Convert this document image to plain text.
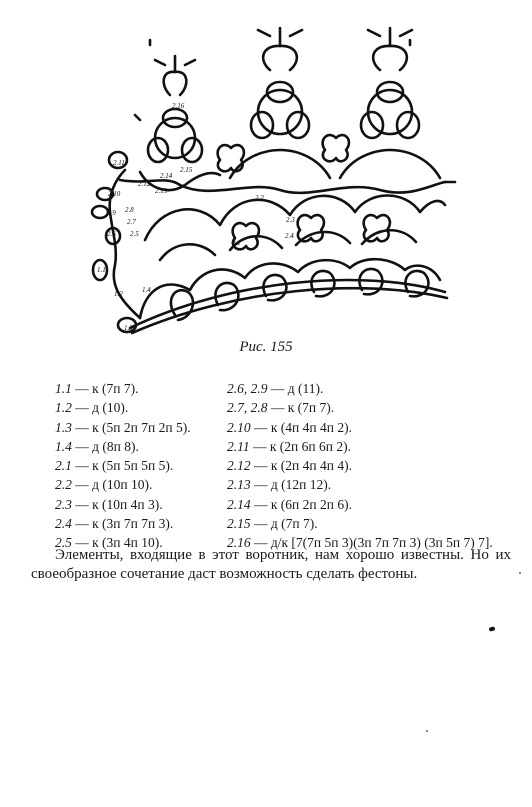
2.16
2.11
2.12
2.13
2.14
2.15
2.10
2.9 2.8
2.7
2.6 2.5	2.4
2.3
2.2
2.1
1.1
1.2
1.3
1.4
Рис. 155
1.1 — к (7п 7).
1.2 — д (10).
1.3 — к (5п 2п 7п 2п 5).
1.4 — д (8п 8).
2.1 — к (5п 5п 5п 5).
2.2 — д (10п 10).
2.3 — к (10п 4п 3).
2.4 — к (3п 7п 7п 3).
2.5 — к (3п 4п 10).
2.6, 2.9 — д (11).
2.7, 2.8 — к (7п 7).
2.10 — к (4п 4п 4п 2).
2.11 — к (2п 6п 6п 2).
2.12 — к (2п 4п 4п 4).
2.13 — д (12п 12).
2.14 — к (6п 2п 2п 6).
2.15 — д (7п 7).
2.16 — д/к [7(7п 5п 3)(3п 7п 7п 3) (3п 5п 7) 7].
Элементы, входящие в этот воротник, нам хорошо известны. Но их своеобразное сочетание даст возможность сделать фестоны.
